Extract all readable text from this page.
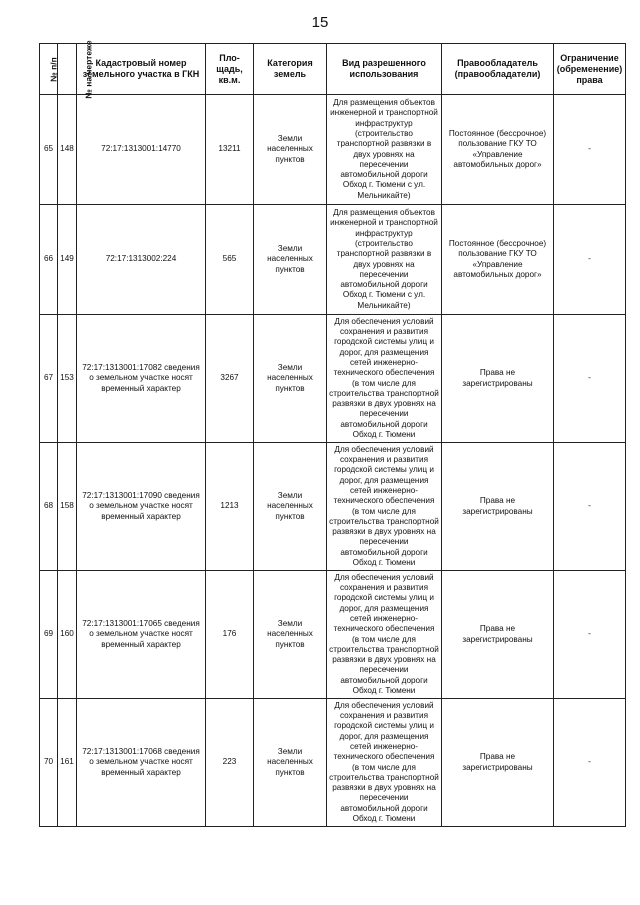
15
№ п/п	№ на чертеже	Кадастровый номер земельного участка в ГКН	Пло-щадь, кв.м.	Категория земель	Вид разрешенного использования	Правообладатель (правообладатели)	Ограничение (обременение) права
65	148	72:17:1313001:14770	13211	Земли населенных пунктов	Для размещения объектов инженерной и транспортной инфраструктур (строительство транспортной развязки в двух уровнях на пересечении автомобильной дороги Обход г. Тюмени с ул. Мельникайте)	Постоянное (бессрочное) пользование ГКУ ТО «Управление автомобильных дорог»	-
66	149	72:17:1313002:224	565	Земли населенных пунктов	Для размещения объектов инженерной и транспортной инфраструктур (строительство транспортной развязки в двух уровнях на пересечении автомобильной дороги Обход г. Тюмени с ул. Мельникайте)	Постоянное (бессрочное) пользование ГКУ ТО «Управление автомобильных дорог»	-
67	153	72:17:1313001:17082 сведения о земельном участке носят временный характер	3267	Земли населенных пунктов	Для обеспечения условий сохранения и развития городской системы улиц и дорог, для размещения сетей инженерно-технического обеспечения (в том числе для строительства транспортной развязки в двух уровнях на пересечении автомобильной дороги Обход г. Тюмени	Права не зарегистрированы	-
68	158	72:17:1313001:17090 сведения о земельном участке носят временный характер	1213	Земли населенных пунктов	Для обеспечения условий сохранения и развития городской системы улиц и дорог, для размещения сетей инженерно-технического обеспечения (в том числе для строительства транспортной развязки в двух уровнях на пересечении автомобильной дороги Обход г. Тюмени	Права не зарегистрированы	-
69	160	72:17:1313001:17065 сведения о земельном участке носят временный характер	176	Земли населенных пунктов	Для обеспечения условий сохранения и развития городской системы улиц и дорог, для размещения сетей инженерно-технического обеспечения (в том числе для строительства транспортной развязки в двух уровнях на пересечении автомобильной дороги Обход г. Тюмени	Права не зарегистрированы	-
70	161	72:17:1313001:17068 сведения о земельном участке носят временный характер	223	Земли населенных пунктов	Для обеспечения условий сохранения и развития городской системы улиц и дорог, для размещения сетей инженерно-технического обеспечения (в том числе для строительства транспортной развязки в двух уровнях на пересечении автомобильной дороги Обход г. Тюмени	Права не зарегистрированы	-
